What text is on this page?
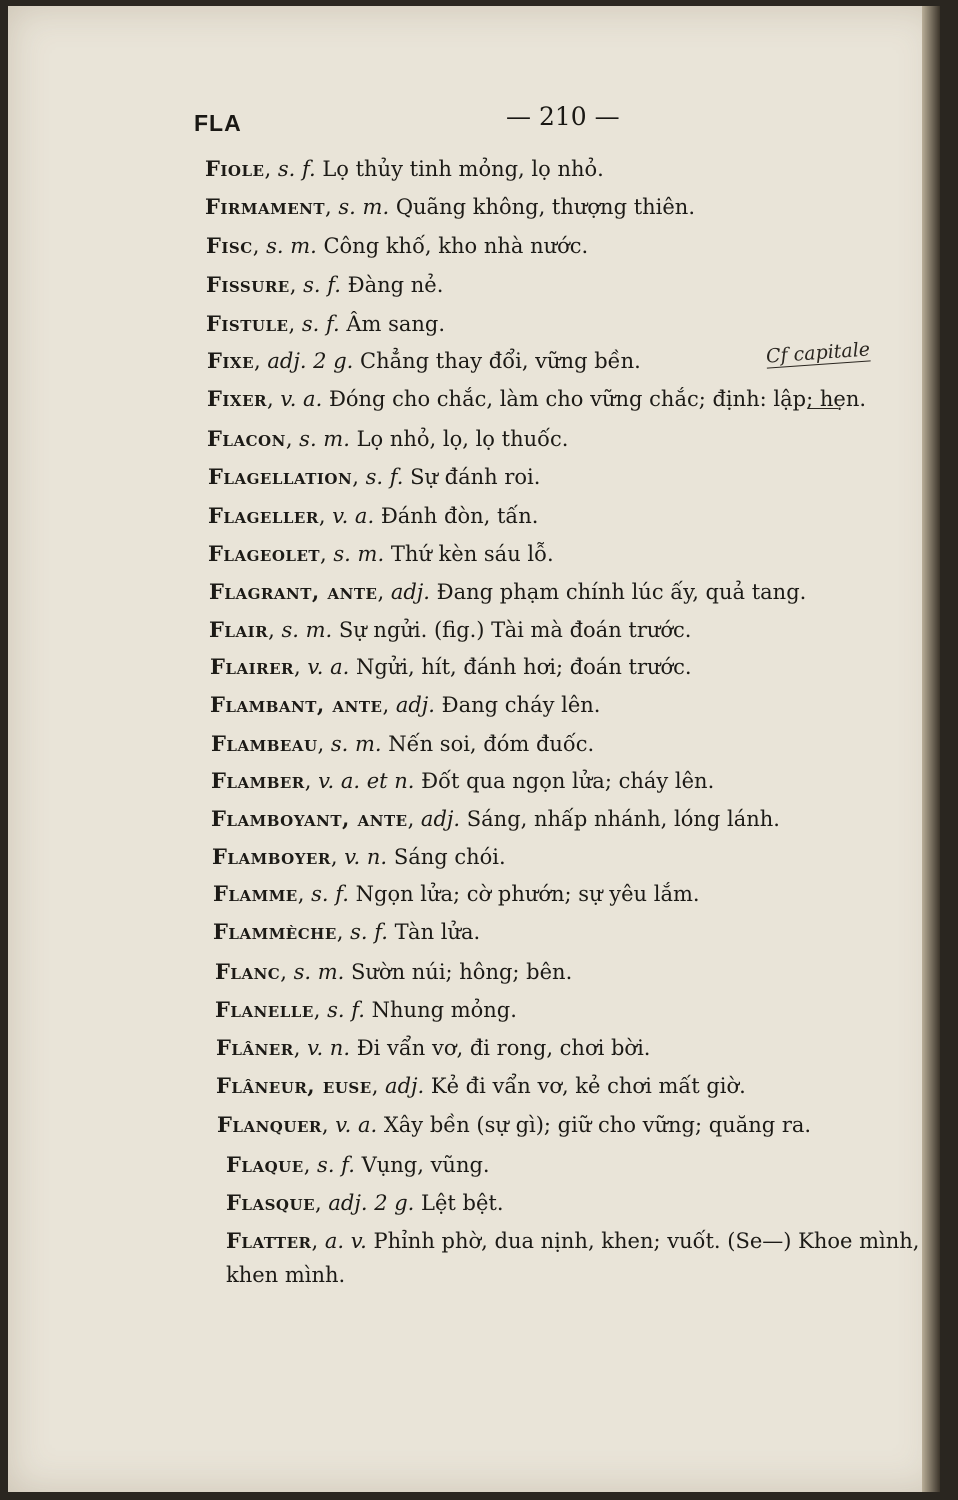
FLA	— 210 —
Cf capitale
Fiole, s. f. Lọ thủy tinh mỏng, lọ nhỏ.
Firmament, s. m. Quãng không, thượng thiên.
Fisc, s. m. Công khố, kho nhà nước.
Fissure, s. f. Đàng nẻ.
Fistule, s. f. Âm sang.
Fixe, adj. 2 g. Chẳng thay đổi, vững bền.
Fixer, v. a. Đóng cho chắc, làm cho vững chắc; định: lập; hẹn.
Flacon, s. m. Lọ nhỏ, lọ, lọ thuốc.
Flagellation, s. f. Sự đánh roi.
Flageller, v. a. Đánh đòn, tấn.
Flageolet, s. m. Thứ kèn sáu lỗ.
Flagrant, ante, adj. Đang phạm chính lúc ấy, quả tang.
Flair, s. m. Sự ngửi. (fig.) Tài mà đoán trước.
Flairer, v. a. Ngửi, hít, đánh hơi; đoán trước.
Flambant, ante, adj. Đang cháy lên.
Flambeau, s. m. Nến soi, đóm đuốc.
Flamber, v. a. et n. Đốt qua ngọn lửa; cháy lên.
Flamboyant, ante, adj. Sáng, nhấp nhánh, lóng lánh.
Flamboyer, v. n. Sáng chói.
Flamme, s. f. Ngọn lửa; cờ phướn; sự yêu lắm.
Flammèche, s. f. Tàn lửa.
Flanc, s. m. Sườn núi; hông; bên.
Flanelle, s. f. Nhung mỏng.
Flâner, v. n. Đi vẩn vơ, đi rong, chơi bời.
Flâneur, euse, adj. Kẻ đi vẩn vơ, kẻ chơi mất giờ.
Flanquer, v. a. Xây bền (sự gì); giữ cho vững; quăng ra.
Flaque, s. f. Vụng, vũng.
Flasque, adj. 2 g. Lệt bệt.
Flatter, a. v. Phỉnh phờ, dua nịnh, khen; vuốt. (Se—) Khoe mình, khen mình.
